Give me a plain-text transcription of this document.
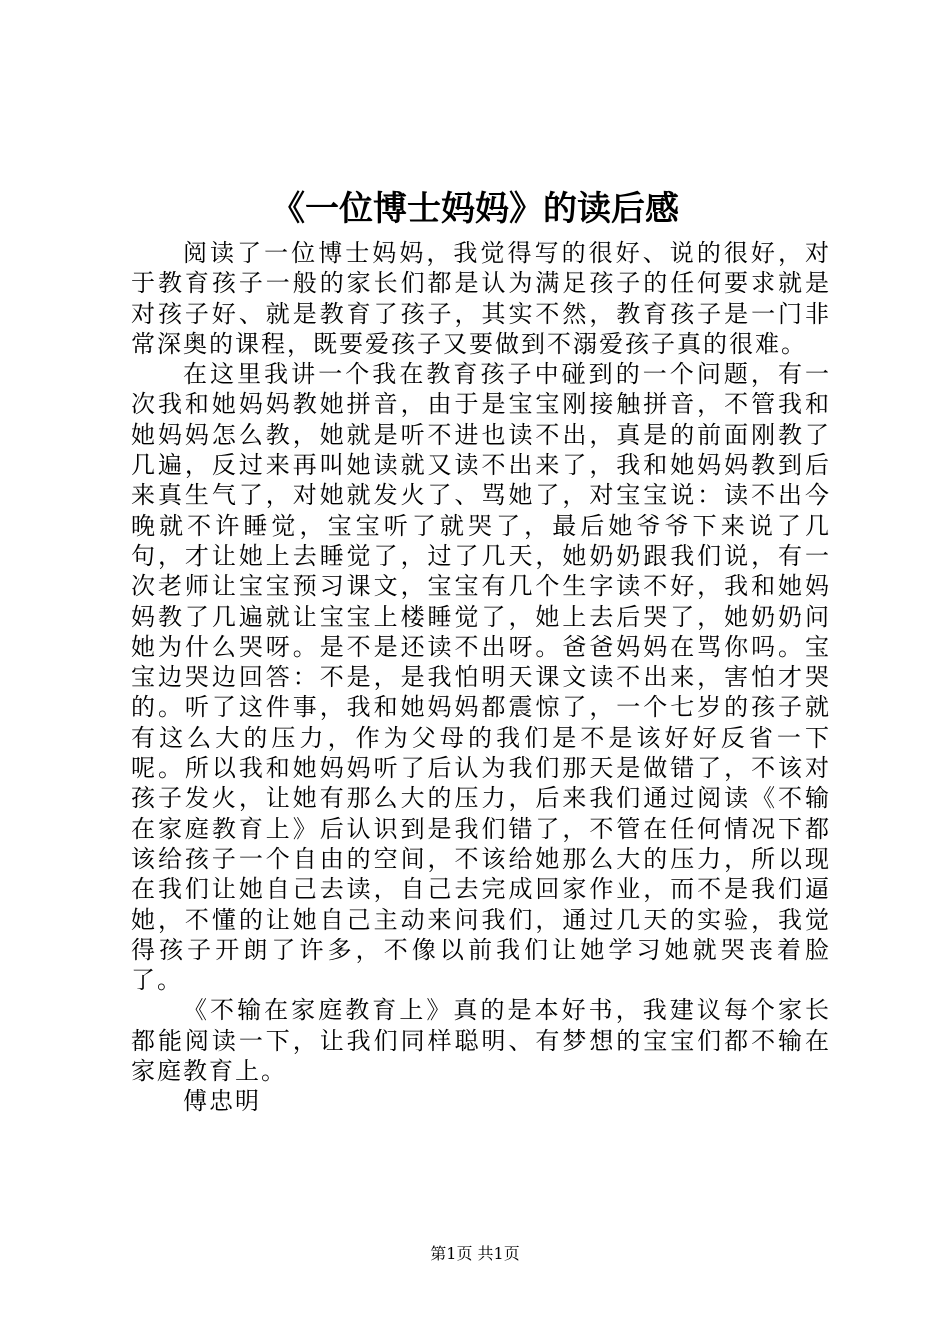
《一位博士妈妈》的读后感

阅读了一位博士妈妈，我觉得写的很好、说的很好，对于教育孩子一般的家长们都是认为满足孩子的任何要求就是对孩子好、就是教育了孩子，其实不然，教育孩子是一门非常深奥的课程，既要爱孩子又要做到不溺爱孩子真的很难。

在这里我讲一个我在教育孩子中碰到的一个问题，有一次我和她妈妈教她拼音，由于是宝宝刚接触拼音，不管我和她妈妈怎么教，她就是听不进也读不出，真是的前面刚教了几遍，反过来再叫她读就又读不出来了，我和她妈妈教到后来真生气了，对她就发火了、骂她了，对宝宝说：读不出今晚就不许睡觉，宝宝听了就哭了，最后她爷爷下来说了几句，才让她上去睡觉了，过了几天，她奶奶跟我们说，有一次老师让宝宝预习课文，宝宝有几个生字读不好，我和她妈妈教了几遍就让宝宝上楼睡觉了，她上去后哭了，她奶奶问她为什么哭呀。是不是还读不出呀。爸爸妈妈在骂你吗。宝宝边哭边回答：不是，是我怕明天课文读不出来，害怕才哭的。听了这件事，我和她妈妈都震惊了，一个七岁的孩子就有这么大的压力，作为父母的我们是不是该好好反省一下呢。所以我和她妈妈听了后认为我们那天是做错了，不该对孩子发火，让她有那么大的压力，后来我们通过阅读《不输在家庭教育上》后认识到是我们错了，不管在任何情况下都该给孩子一个自由的空间，不该给她那么大的压力，所以现在我们让她自己去读，自己去完成回家作业，而不是我们逼她，不懂的让她自己主动来问我们，通过几天的实验，我觉得孩子开朗了许多，不像以前我们让她学习她就哭丧着脸了。

《不输在家庭教育上》真的是本好书，我建议每个家长都能阅读一下，让我们同样聪明、有梦想的宝宝们都不输在家庭教育上。

傅忠明

第1页 共1页
